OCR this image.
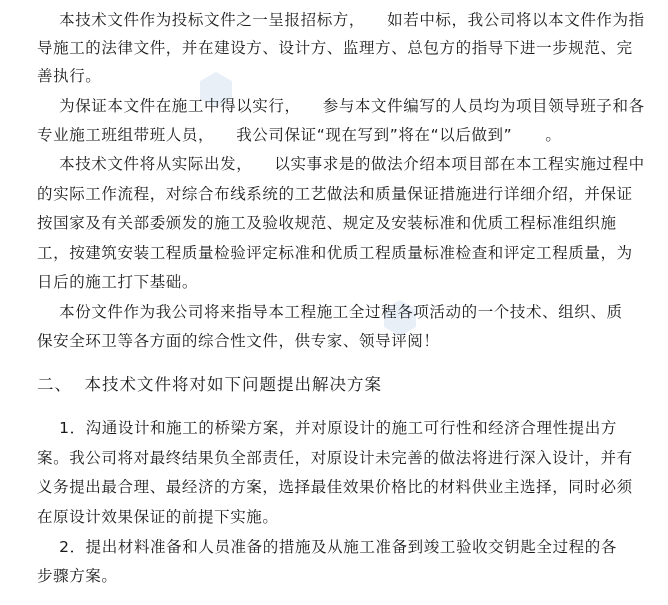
本技术文件作为投标文件之一呈报招标方，    如若中标，我公司将以本文件作为指
导施工的法律文件，并在建设方、设计方、监理方、总包方的指导下进一步规范、完
善执行。
为保证本文件在施工中得以实行，    参与本文件编写的人员均为项目领导班子和各
专业施工班组带班人员，    我公司保证“现在写到”将在“以后做到”      。
本技术文件将从实际出发，    以实事求是的做法介绍本项目部在本工程实施过程中
的实际工作流程，对综合布线系统的工艺做法和质量保证措施进行详细介绍，并保证
按国家及有关部委颁发的施工及验收规范、规定及安装标准和优质工程标准组织施
工，按建筑安装工程质量检验评定标准和优质工程质量标准检查和评定工程质量，为
日后的施工打下基础。
本份文件作为我公司将来指导本工程施工全过程各项活动的一个技术、组织、质
保安全环卫等各方面的综合性文件，供专家、领导评阅！
二、  本技术文件将对如下问题提出解决方案
1．沟通设计和施工的桥梁方案，并对原设计的施工可行性和经济合理性提出方
案。我公司将对最终结果负全部责任，对原设计未完善的做法将进行深入设计，并有
义务提出最合理、最经济的方案，选择最佳效果价格比的材料供业主选择，同时必须
在原设计效果保证的前提下实施。
2．提出材料准备和人员准备的措施及从施工准备到竣工验收交钥匙全过程的各
步骤方案。
